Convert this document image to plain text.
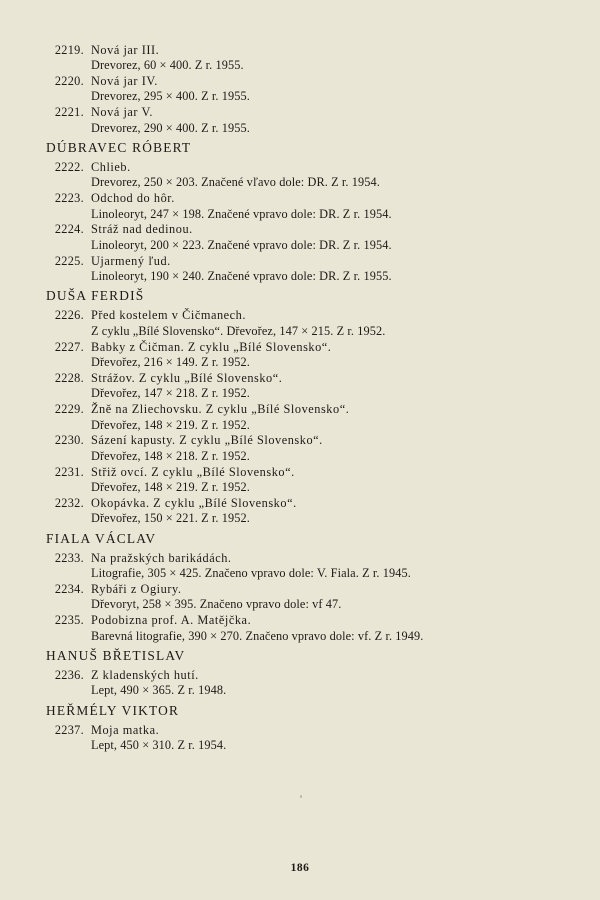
2219. Nová jar III.
Drevorez, 60 × 400. Z r. 1955.
2220. Nová jar IV.
Drevorez, 295 × 400. Z r. 1955.
2221. Nová jar V.
Drevorez, 290 × 400. Z r. 1955.
DÚBRAVEC RÓBERT
2222. Chlieb.
Drevorez, 250 × 203. Značené vľavo dole: DR. Z r. 1954.
2223. Odchod do hôr.
Linoleoryt, 247 × 198. Značené vpravo dole: DR. Z r. 1954.
2224. Stráž nad dedinou.
Linoleoryt, 200 × 223. Značené vpravo dole: DR. Z r. 1954.
2225. Ujarmený ľud.
Linoleoryt, 190 × 240. Značené vpravo dole: DR. Z r. 1955.
DUŠA FERDIŠ
2226. Před kostelem v Čičmanech.
Z cyklu „Bílé Slovensko“. Dřevořez, 147 × 215. Z r. 1952.
2227. Babky z Čičman. Z cyklu „Bílé Slovensko“.
Dřevořez, 216 × 149. Z r. 1952.
2228. Strážov. Z cyklu „Bílé Slovensko“.
Dřevořez, 147 × 218. Z r. 1952.
2229. Žně na Zliechovsku. Z cyklu „Bílé Slovensko“.
Dřevořez, 148 × 219. Z r. 1952.
2230. Sázení kapusty. Z cyklu „Bílé Slovensko“.
Dřevořez, 148 × 218. Z r. 1952.
2231. Střiž ovcí. Z cyklu „Bílé Slovensko“.
Dřevořez, 148 × 219. Z r. 1952.
2232. Okopávka. Z cyklu „Bílé Slovensko“.
Dřevořez, 150 × 221. Z r. 1952.
FIALA VÁCLAV
2233. Na pražských barikádách.
Litografie, 305 × 425. Značeno vpravo dole: V. Fiala. Z r. 1945.
2234. Rybáři z Ogiury.
Dřevoryt, 258 × 395. Značeno vpravo dole: vf 47.
2235. Podobizna prof. A. Matějčka.
Barevná litografie, 390 × 270. Značeno vpravo dole: vf. Z r. 1949.
HANUŠ BŘETISLAV
2236. Z kladenských hutí.
Lept, 490 × 365. Z r. 1948.
HEŘMÉLY VIKTOR
2237. Moja matka.
Lept, 450 × 310. Z r. 1954.
186
